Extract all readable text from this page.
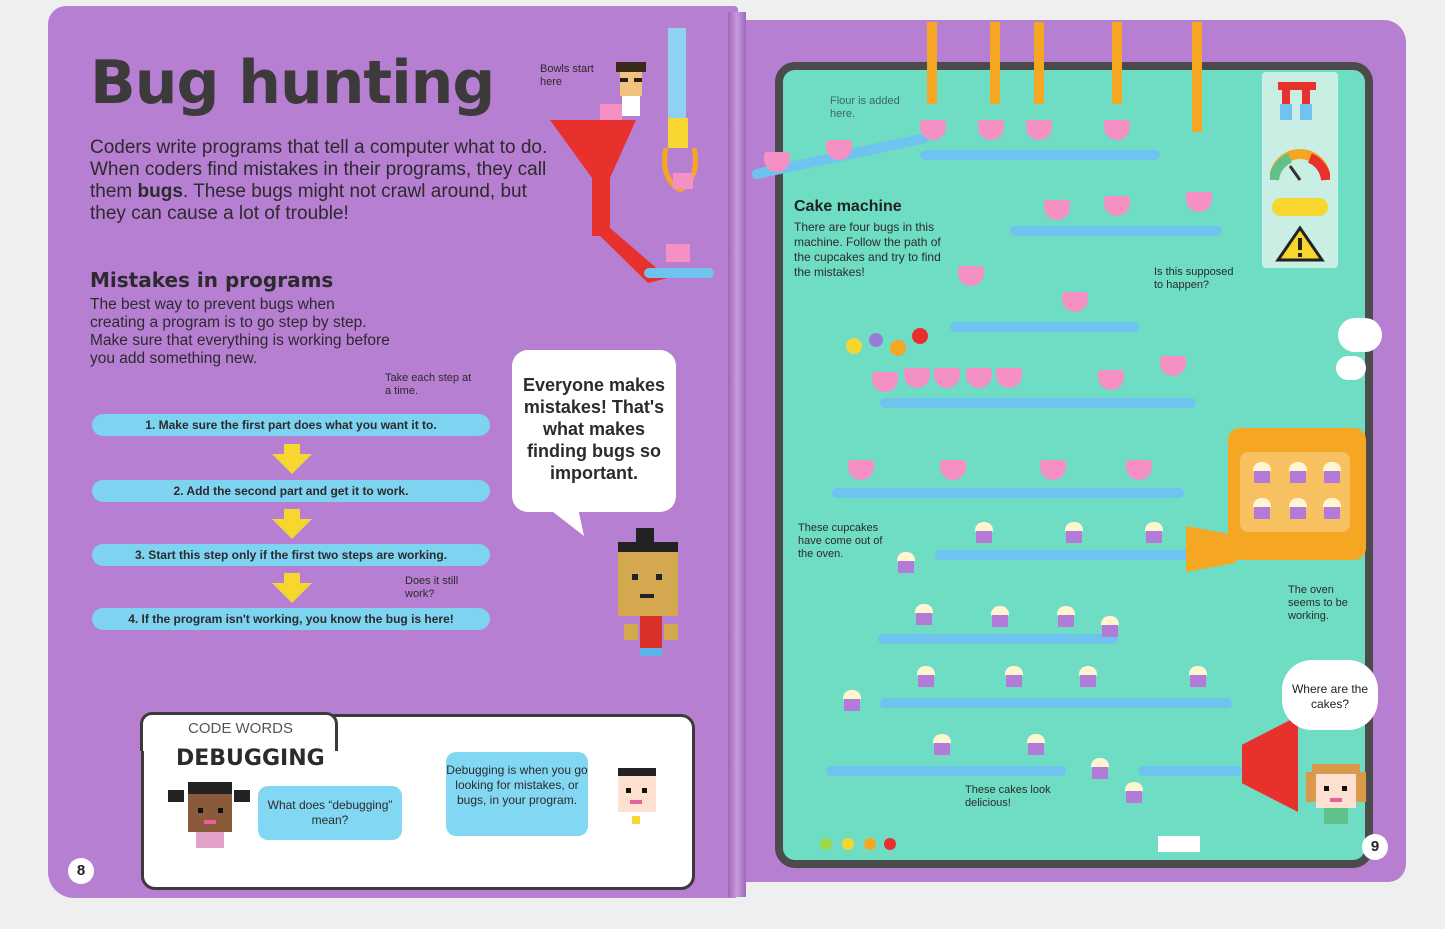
Bug hunting
Coders write programs that tell a computer what to do. When coders find mistakes in their programs, they call them bugs. These bugs might not crawl around, but they can cause a lot of trouble!
Bowls start here
Mistakes in programs
The best way to prevent bugs when creating a program is to go step by step. Make sure that everything is working before you add something new.
Take each step at a time.
1. Make sure the first part does what you want it to.
2. Add the second part and get it to work.
3. Start this step only if the first two steps are working.
Does it still work?
4. If the program isn't working, you know the bug is here!
Everyone makes mistakes! That's what makes finding bugs so important.
CODE WORDS
DEBUGGING
What does “debugging” mean?
Debugging is when you go looking for mistakes, or bugs, in your program.
8
Flour is added here.
Cake machine
There are four bugs in this machine. Follow the path of the cupcakes and try to find the mistakes!	Is this supposed to happen?
These cupcakes have come out of the oven.
The oven seems to be working.
These cakes look delicious!
Where are the cakes?
9
